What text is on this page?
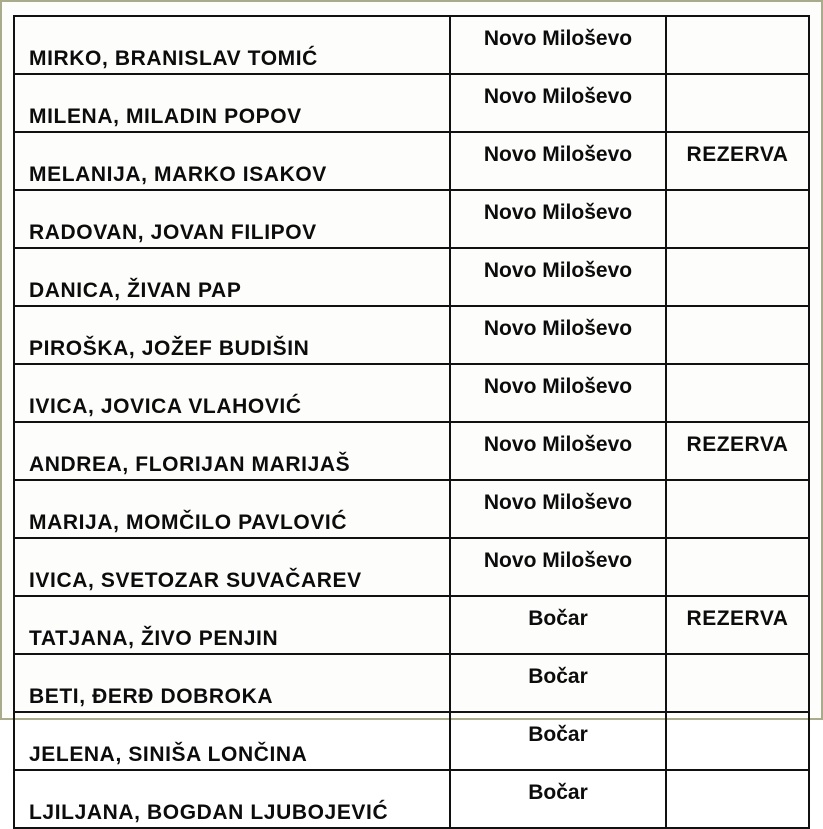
MIRKO, BRANISLAV TOMIĆ	Novo Miloševo	
MILENA, MILADIN POPOV	Novo Miloševo	
MELANIJA, MARKO ISAKOV	Novo Miloševo	REZERVA
RADOVAN, JOVAN FILIPOV	Novo Miloševo	
DANICA, ŽIVAN PAP	Novo Miloševo	
PIROŠKA, JOŽEF BUDIŠIN	Novo Miloševo	
IVICA, JOVICA VLAHOVIĆ	Novo Miloševo	
ANDREA, FLORIJAN MARIJAŠ	Novo Miloševo	REZERVA
MARIJA, MOMČILO PAVLOVIĆ	Novo Miloševo	
IVICA, SVETOZAR SUVAČAREV	Novo Miloševo	
TATJANA, ŽIVO PENJIN	Bočar	REZERVA
BETI, ĐERĐ DOBROKA	Bočar	
JELENA, SINIŠA LONČINA	Bočar	
LJILJANA, BOGDAN LJUBOJEVIĆ	Bočar	
